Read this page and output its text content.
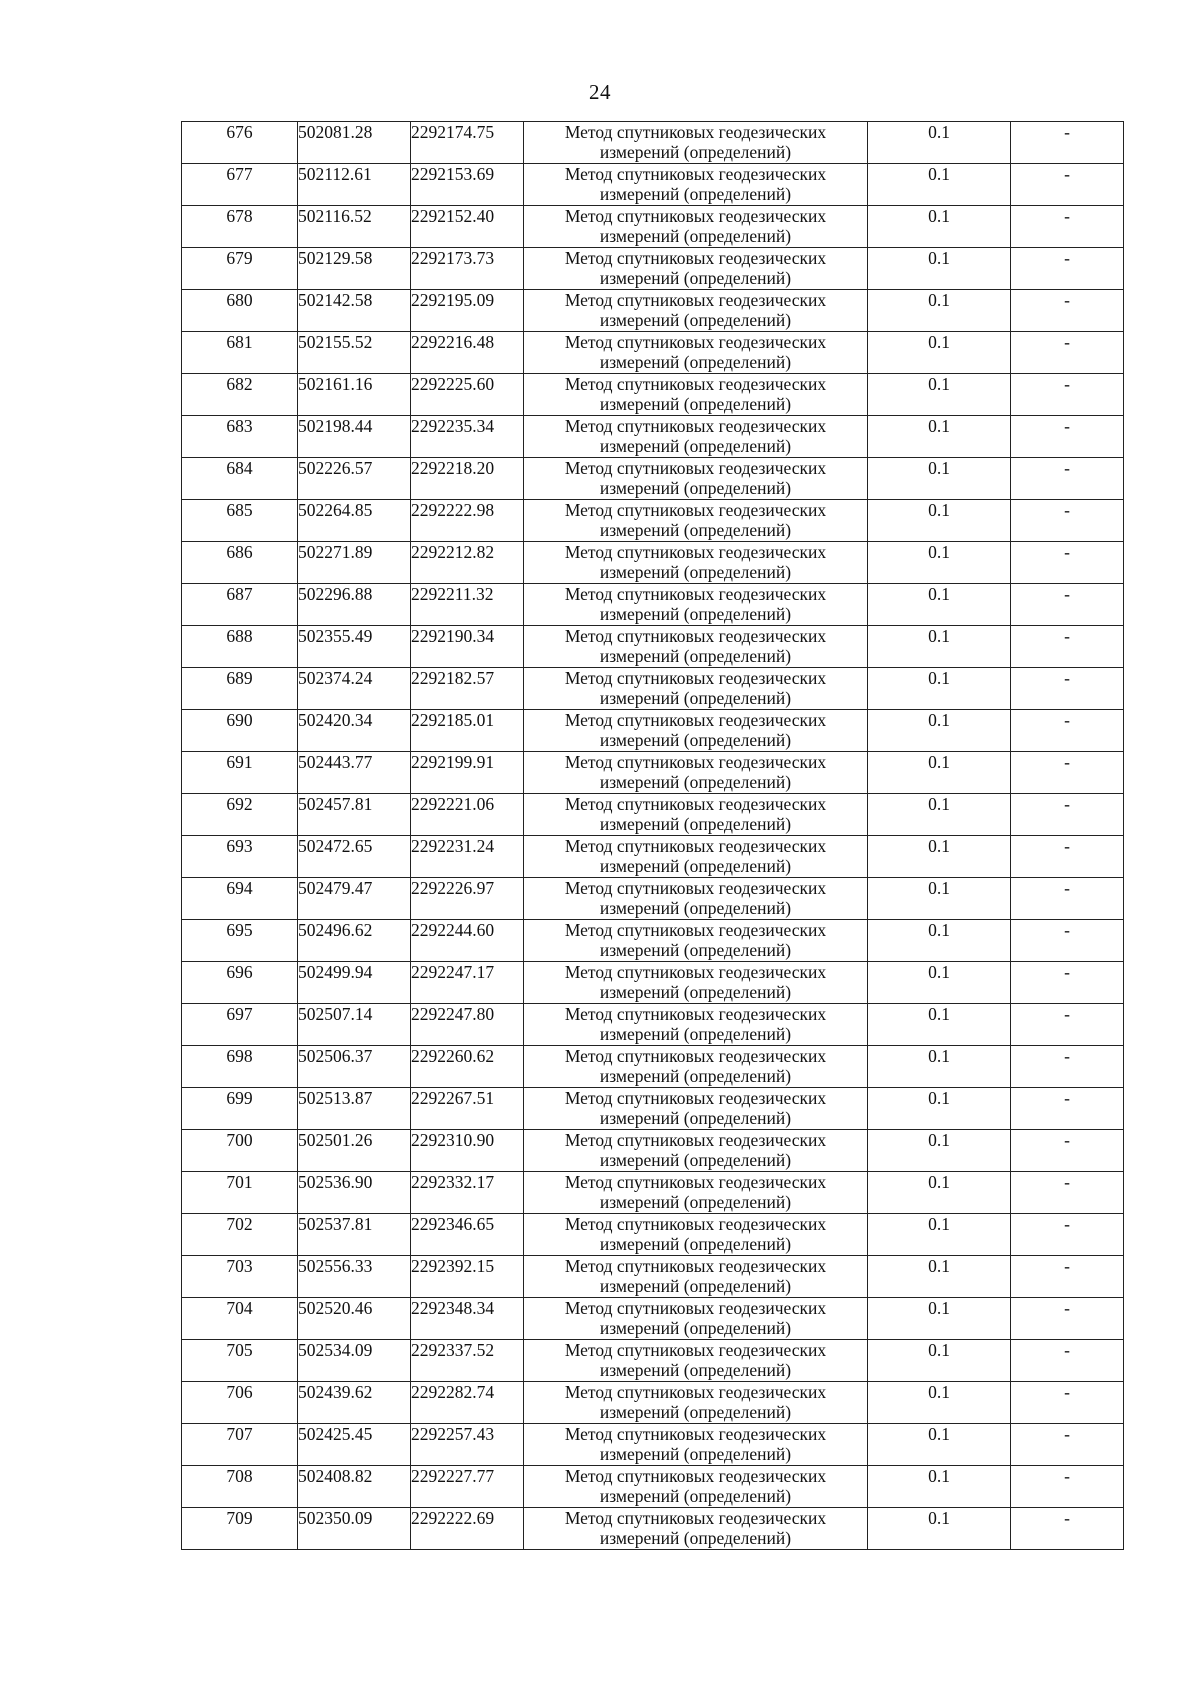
24
676	502081.28	2292174.75	Метод спутниковых геодезических
измерений (определений)	0.1	-
677	502112.61	2292153.69	Метод спутниковых геодезических
измерений (определений)	0.1	-
678	502116.52	2292152.40	Метод спутниковых геодезических
измерений (определений)	0.1	-
679	502129.58	2292173.73	Метод спутниковых геодезических
измерений (определений)	0.1	-
680	502142.58	2292195.09	Метод спутниковых геодезических
измерений (определений)	0.1	-
681	502155.52	2292216.48	Метод спутниковых геодезических
измерений (определений)	0.1	-
682	502161.16	2292225.60	Метод спутниковых геодезических
измерений (определений)	0.1	-
683	502198.44	2292235.34	Метод спутниковых геодезических
измерений (определений)	0.1	-
684	502226.57	2292218.20	Метод спутниковых геодезических
измерений (определений)	0.1	-
685	502264.85	2292222.98	Метод спутниковых геодезических
измерений (определений)	0.1	-
686	502271.89	2292212.82	Метод спутниковых геодезических
измерений (определений)	0.1	-
687	502296.88	2292211.32	Метод спутниковых геодезических
измерений (определений)	0.1	-
688	502355.49	2292190.34	Метод спутниковых геодезических
измерений (определений)	0.1	-
689	502374.24	2292182.57	Метод спутниковых геодезических
измерений (определений)	0.1	-
690	502420.34	2292185.01	Метод спутниковых геодезических
измерений (определений)	0.1	-
691	502443.77	2292199.91	Метод спутниковых геодезических
измерений (определений)	0.1	-
692	502457.81	2292221.06	Метод спутниковых геодезических
измерений (определений)	0.1	-
693	502472.65	2292231.24	Метод спутниковых геодезических
измерений (определений)	0.1	-
694	502479.47	2292226.97	Метод спутниковых геодезических
измерений (определений)	0.1	-
695	502496.62	2292244.60	Метод спутниковых геодезических
измерений (определений)	0.1	-
696	502499.94	2292247.17	Метод спутниковых геодезических
измерений (определений)	0.1	-
697	502507.14	2292247.80	Метод спутниковых геодезических
измерений (определений)	0.1	-
698	502506.37	2292260.62	Метод спутниковых геодезических
измерений (определений)	0.1	-
699	502513.87	2292267.51	Метод спутниковых геодезических
измерений (определений)	0.1	-
700	502501.26	2292310.90	Метод спутниковых геодезических
измерений (определений)	0.1	-
701	502536.90	2292332.17	Метод спутниковых геодезических
измерений (определений)	0.1	-
702	502537.81	2292346.65	Метод спутниковых геодезических
измерений (определений)	0.1	-
703	502556.33	2292392.15	Метод спутниковых геодезических
измерений (определений)	0.1	-
704	502520.46	2292348.34	Метод спутниковых геодезических
измерений (определений)	0.1	-
705	502534.09	2292337.52	Метод спутниковых геодезических
измерений (определений)	0.1	-
706	502439.62	2292282.74	Метод спутниковых геодезических
измерений (определений)	0.1	-
707	502425.45	2292257.43	Метод спутниковых геодезических
измерений (определений)	0.1	-
708	502408.82	2292227.77	Метод спутниковых геодезических
измерений (определений)	0.1	-
709	502350.09	2292222.69	Метод спутниковых геодезических
измерений (определений)	0.1	-
